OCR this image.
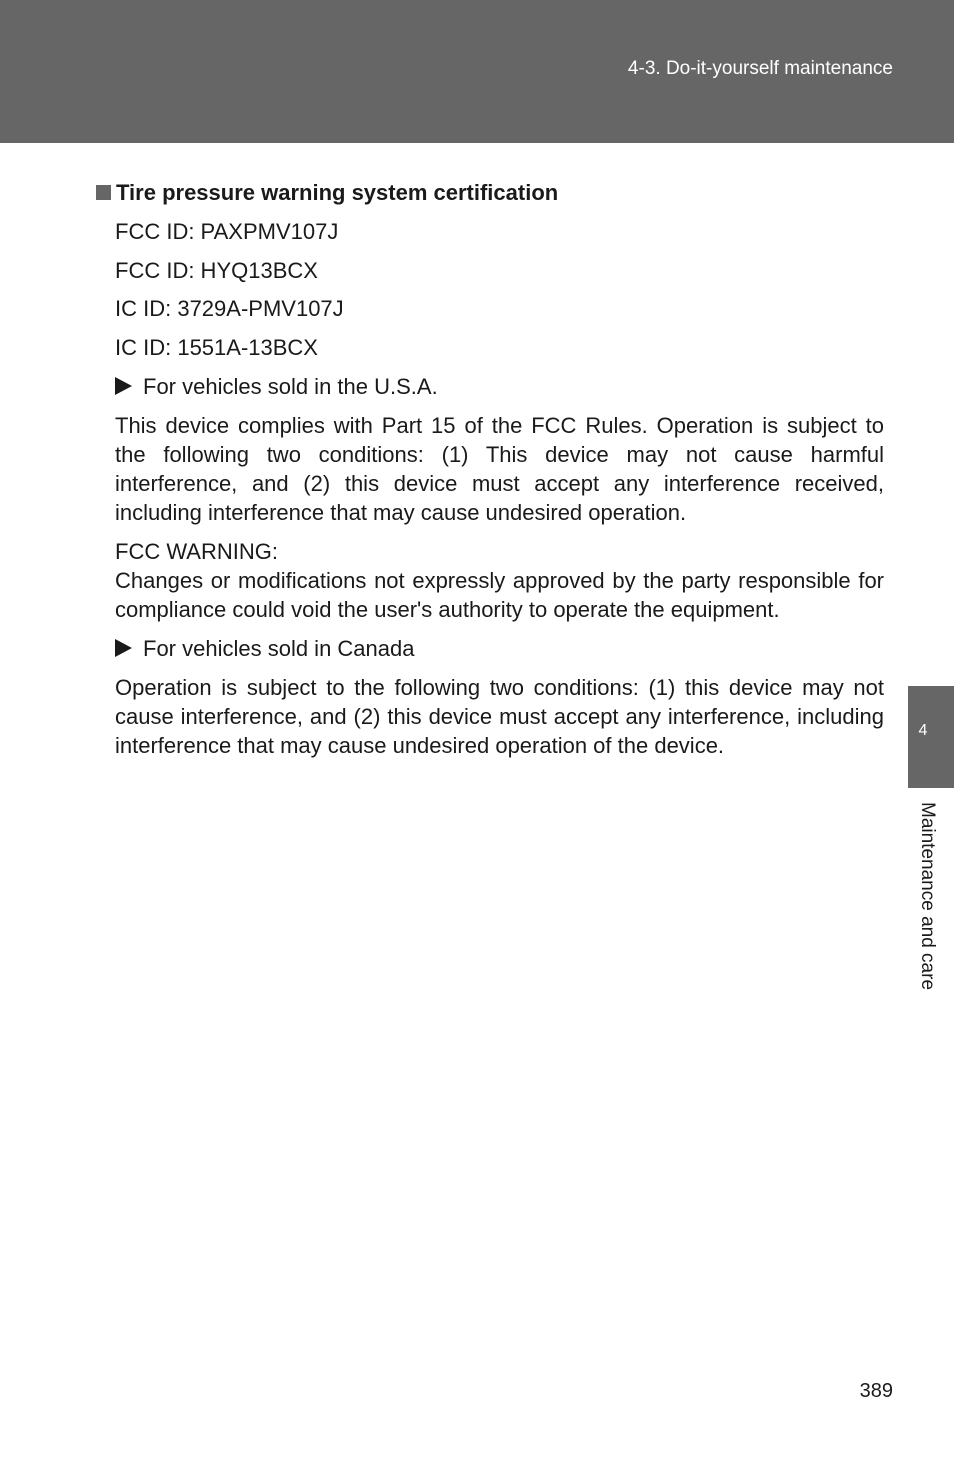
4-3. Do-it-yourself maintenance
Tire pressure warning system certification
FCC ID: PAXPMV107J
FCC ID: HYQ13BCX
IC ID: 3729A-PMV107J
IC ID: 1551A-13BCX
For vehicles sold in the U.S.A.
This device complies with Part 15 of the FCC Rules. Operation is subject to the following two conditions: (1) This device may not cause harmful interference, and (2) this device must accept any interference received, including interference that may cause undesired operation.
FCC WARNING:
Changes or modifications not expressly approved by the party responsible for compliance could void the user's authority to operate the equipment.
For vehicles sold in Canada
Operation is subject to the following two conditions: (1) this device may not cause interference, and (2) this device must accept any interference, including interference that may cause undesired operation of the device.
4
Maintenance and care
389
